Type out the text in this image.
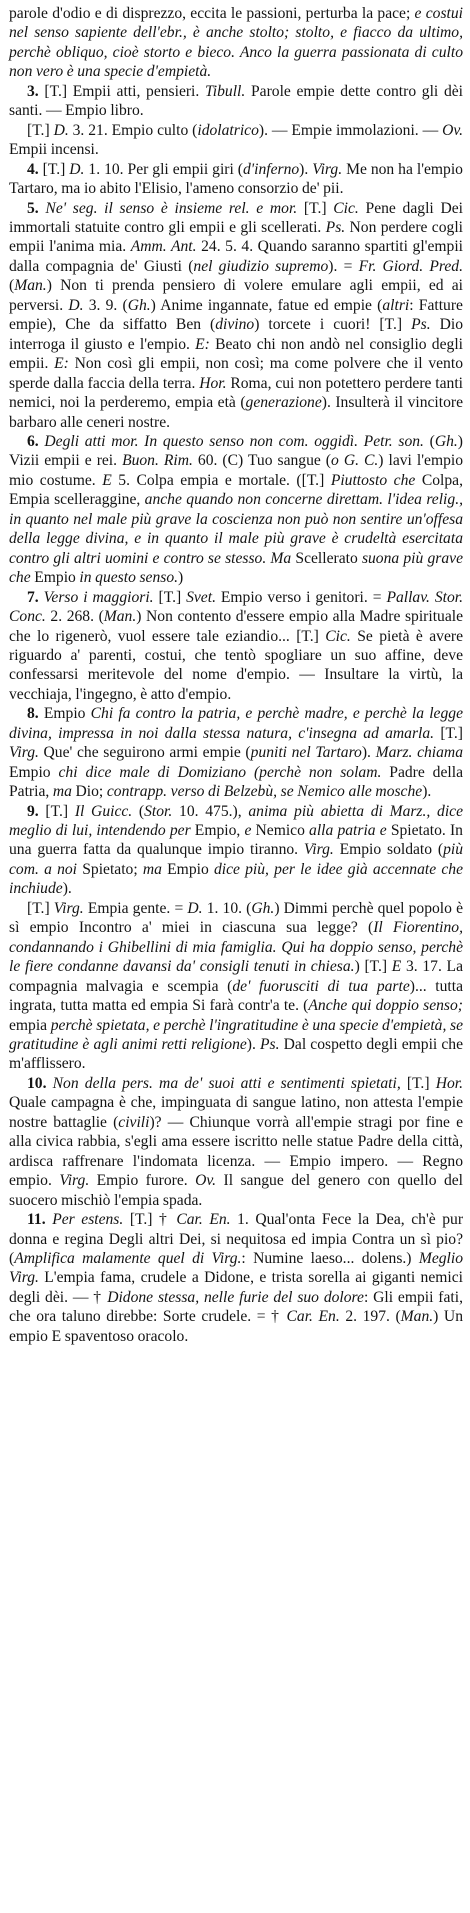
parole d'odio e di disprezzo, eccita le passioni, perturba la pace; e costui nel senso sapiente dell'ebr., è anche stolto; stolto, e fiacco da ultimo, perchè obliquo, cioè storto e bieco. Anco la guerra passionata di culto non vero è una specie d'empietà.

3. [T.] Empii atti, pensieri. Tibull. Parole empie dette contro gli dèi santi. — Empio libro.

[T.] D. 3. 21. Empio culto (idolatrico). — Empie immolazioni. — Ov. Empii incensi.

4. [T.] D. 1. 10. Per gli empii giri (d'inferno). Virg. Me non ha l'empio Tartaro, ma io abito l'Elisio, l'ameno consorzio de' pii.

5. Ne' seg. il senso è insieme rel. e mor. [T.] Cic. Pene dagli Dei immortali statuite contro gli empii e gli scellerati. Ps. Non perdere cogli empii l'anima mia. Amm. Ant. 24. 5. 4. Quando saranno spartiti gl'empii dalla compagnia de' Giusti (nel giudizio supremo). = Fr. Giord. Pred. (Man.) Non ti prenda pensiero di volere emulare agli empii, ed ai perversi. D. 3. 9. (Gh.) Anime ingannate, fatue ed empie (altri: Fatture empie), Che da siffatto Ben (divino) torcete i cuori! [T.] Ps. Dio interroga il giusto e l'empio. E: Beato chi non andò nel consiglio degli empii. E: Non così gli empii, non così; ma come polvere che il vento sperde dalla faccia della terra. Hor. Roma, cui non potettero perdere tanti nemici, noi la perderemo, empia età (generazione). Insulterà il vincitore barbaro alle ceneri nostre.

6. Degli atti mor. In questo senso non com. oggidì. Petr. son. (Gh.) Vizii empii e rei. Buon. Rim. 60. (C) Tuo sangue (o G. C.) lavi l'empio mio costume. E 5. Colpa empia e mortale. ([T.] Piuttosto che Colpa, Empia scelleraggine, anche quando non concerne direttam. l'idea relig., in quanto nel male più grave la coscienza non può non sentire un'offesa della legge divina, e in quanto il male più grave è crudeltà esercitata contro gli altri uomini e contro se stesso. Ma Scellerato suona più grave che Empio in questo senso.)

7. Verso i maggiori. [T.] Svet. Empio verso i genitori. = Pallav. Stor. Conc. 2. 268. (Man.) Non contento d'essere empio alla Madre spirituale che lo rigenerò, vuol essere tale eziandio... [T.] Cic. Se pietà è avere riguardo a' parenti, costui, che tentò spogliare un suo affine, deve confessarsi meritevole del nome d'empio. — Insultare la virtù, la vecchiaja, l'ingegno, è atto d'empio.

8. Empio Chi fa contro la patria, e perchè madre, e perchè la legge divina, impressa in noi dalla stessa natura, c'insegna ad amarla. [T.] Virg. Que' che seguirono armi empie (puniti nel Tartaro). Marz. chiama Empio chi dice male di Domiziano (perchè non solam. Padre della Patria, ma Dio; contrapp. verso di Belzebù, se Nemico alle mosche).

9. [T.] Il Guicc. (Stor. 10. 475.), anima più abietta di Marz., dice meglio di lui, intendendo per Empio, e Nemico alla patria e Spietato. In una guerra fatta da qualunque impio tiranno. Virg. Empio soldato (più com. a noi Spietato; ma Empio dice più, per le idee già accennate che inchiude).

[T.] Virg. Empia gente. = D. 1. 10. (Gh.) Dimmi perchè quel popolo è sì empio Incontro a' miei in ciascuna sua legge? (Il Fiorentino, condannando i Ghibellini di mia famiglia. Qui ha doppio senso, perchè le fiere condanne davansi da' consigli tenuti in chiesa.) [T.] E 3. 17. La compagnia malvagia e scempia (de' fuorusciti di tua parte)... tutta ingrata, tutta matta ed empia Si farà contr'a te. (Anche qui doppio senso; empia perchè spietata, e perchè l'ingratitudine è una specie d'empietà, se gratitudine è agli animi retti religione). Ps. Dal cospetto degli empii che m'afflissero.

10. Non della pers. ma de' suoi atti e sentimenti spietati, [T.] Hor. Quale campagna è che, impinguata di sangue latino, non attesta l'empie nostre battaglie (civili)? — Chiunque vorrà all'empie stragi por fine e alla civica rabbia, s'egli ama essere iscritto nelle statue Padre della città, ardisca raffrenare l'indomata licenza. — Empio impero. — Regno empio. Virg. Empio furore. Ov. Il sangue del genero con quello del suocero mischiò l'empia spada.

11. Per estens. [T.] † Car. En. 1. Qual'onta Fece la Dea, ch'è pur donna e regina Degli altri Dei, si nequitosa ed impia Contra un sì pio? (Amplifica malamente quel di Virg.: Numine laeso... dolens.) Meglio Virg. L'empia fama, crudele a Didone, e trista sorella ai giganti nemici degli dèi. — † Didone stessa, nelle furie del suo dolore: Gli empii fati, che ora taluno direbbe: Sorte crudele. = † Car. En. 2. 197. (Man.) Un empio E spaventoso oracolo.
